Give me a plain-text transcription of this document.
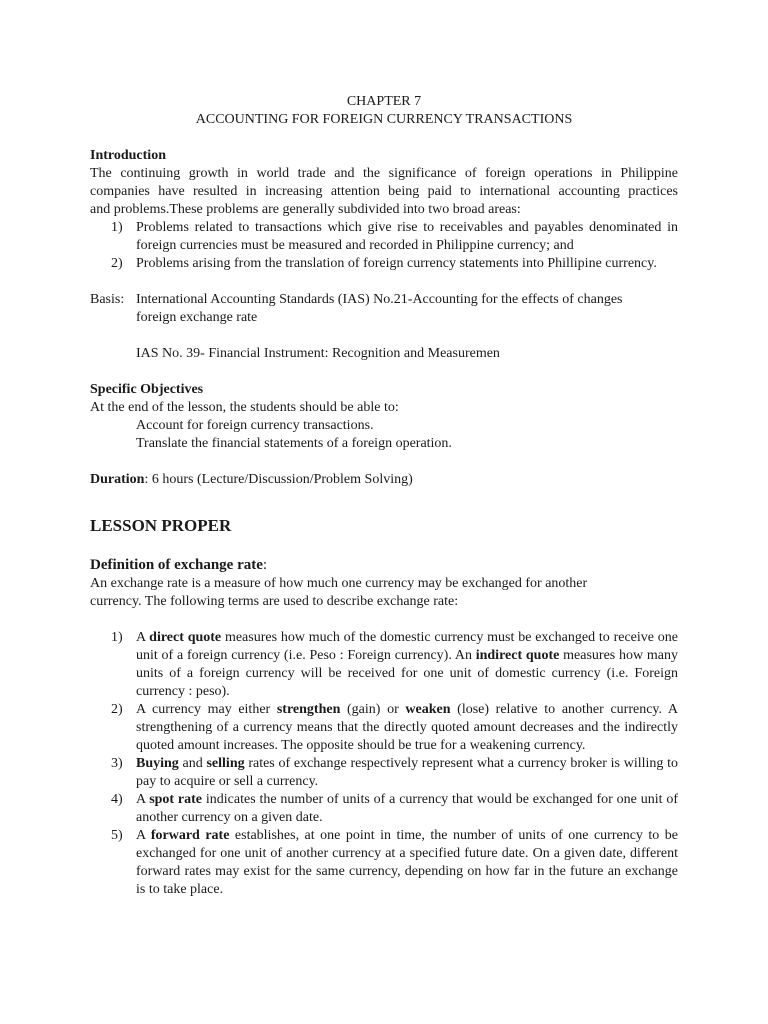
CHAPTER 7
ACCOUNTING FOR FOREIGN CURRENCY TRANSACTIONS
Introduction
The continuing growth in world trade and the significance of foreign operations in Philippine
companies have resulted in increasing attention being paid to international accounting practices
and problems.These problems are generally subdivided into two broad areas:
1) Problems related to transactions which give rise to receivables and payables denominated in foreign currencies must be measured and recorded in Philippine currency; and
2) Problems arising from the translation of foreign currency statements into Phillipine currency.
Basis: International Accounting Standards (IAS) No.21-Accounting for the effects of changes
foreign exchange rate
IAS No. 39- Financial Instrument: Recognition and Measuremen
Specific Objectives
At the end of the lesson, the students should be able to:
Account for foreign currency transactions.
Translate the financial statements of a foreign operation.
Duration: 6 hours (Lecture/Discussion/Problem Solving)
LESSON PROPER
Definition of exchange rate:
An exchange rate is a measure of how much one currency may be exchanged for another
currency. The following terms are used to describe exchange rate:
1) A direct quote measures how much of the domestic currency must be exchanged to receive one unit of a foreign currency (i.e. Peso : Foreign currency). An indirect quote measures how many units of a foreign currency will be received for one unit of domestic currency (i.e. Foreign currency : peso).
2) A currency may either strengthen (gain) or weaken (lose) relative to another currency. A strengthening of a currency means that the directly quoted amount decreases and the indirectly quoted amount increases. The opposite should be true for a weakening currency.
3) Buying and selling rates of exchange respectively represent what a currency broker is willing to pay to acquire or sell a currency.
4) A spot rate indicates the number of units of a currency that would be exchanged for one unit of another currency on a given date.
5) A forward rate establishes, at one point in time, the number of units of one currency to be exchanged for one unit of another currency at a specified future date. On a given date, different forward rates may exist for the same currency, depending on how far in the future an exchange is to take place.
